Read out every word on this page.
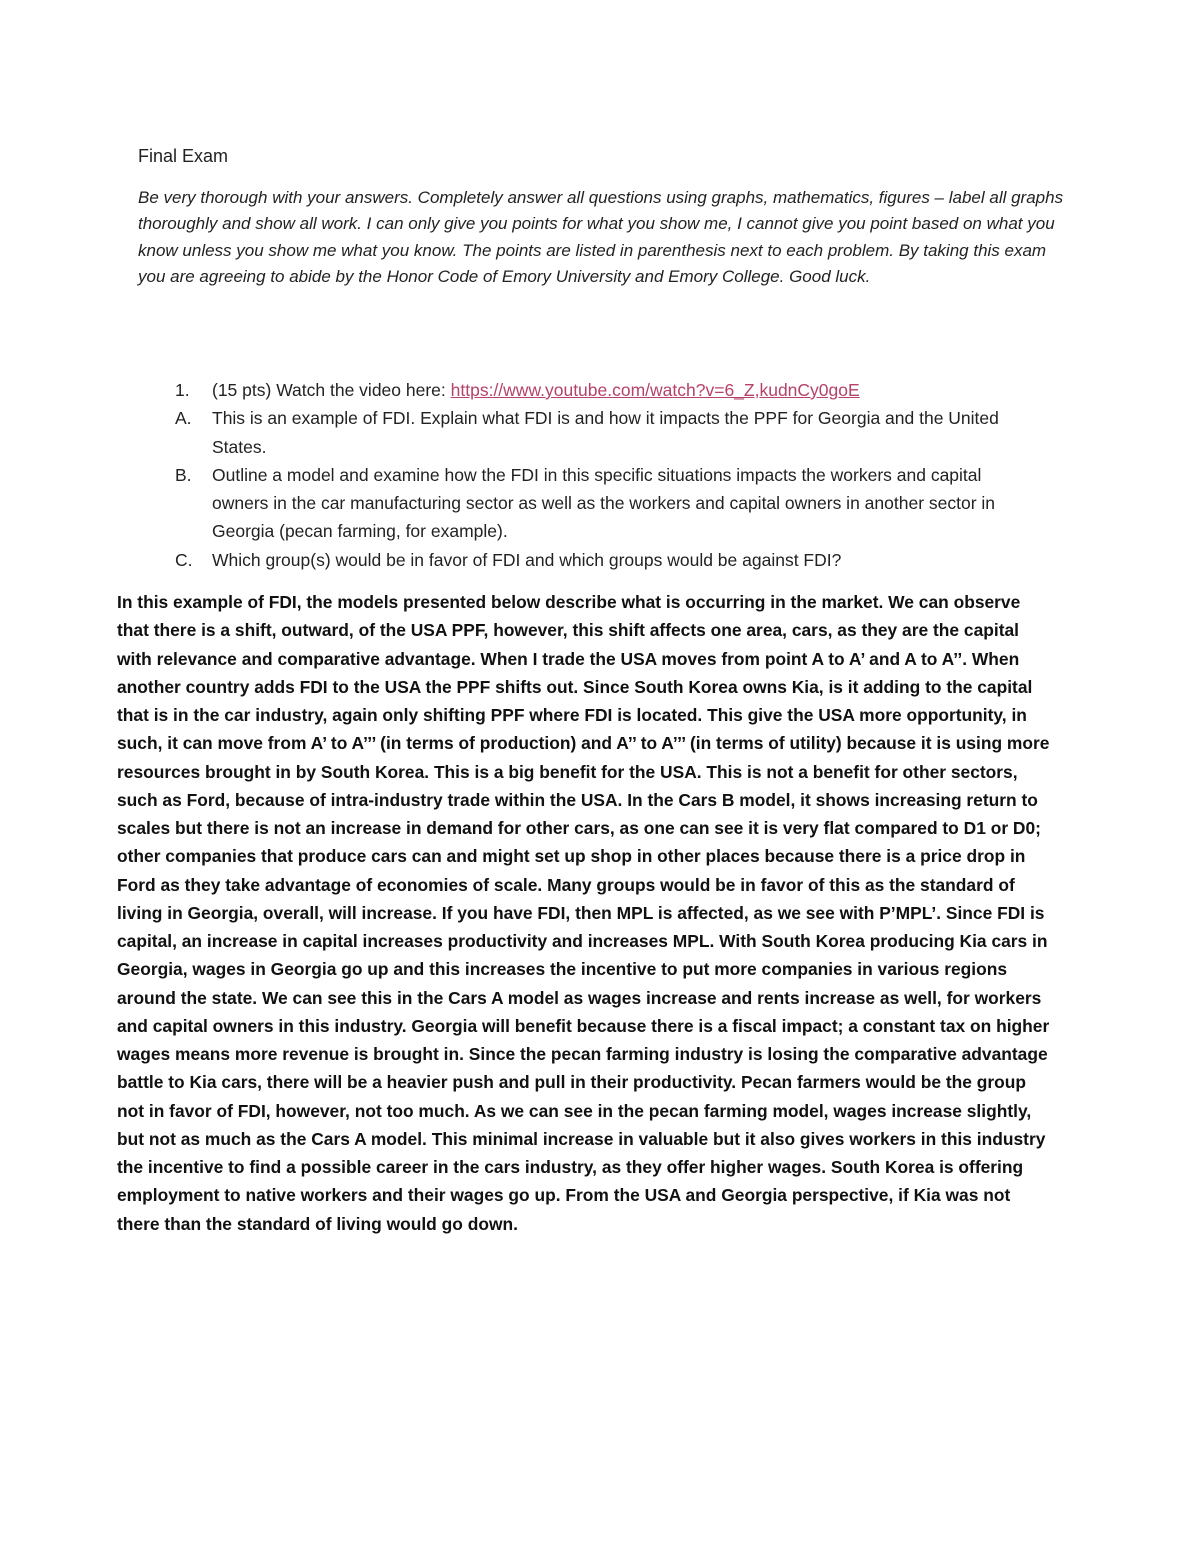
Final Exam

Be very thorough with your answers. Completely answer all questions using graphs, mathematics, figures – label all graphs thoroughly and show all work. I can only give you points for what you show me, I cannot give you point based on what you know unless you show me what you know. The points are listed in parenthesis next to each problem. By taking this exam you are agreeing to abide by the Honor Code of Emory University and Emory College. Good luck.

1. (15 pts) Watch the video here: https://www.youtube.com/watch?v=6_Z,kudnCy0goE
A. This is an example of FDI. Explain what FDI is and how it impacts the PPF for Georgia and the United States.
B. Outline a model and examine how the FDI in this specific situations impacts the workers and capital owners in the car manufacturing sector as well as the workers and capital owners in another sector in Georgia (pecan farming, for example).
C. Which group(s) would be in favor of FDI and which groups would be against FDI?

In this example of FDI, the models presented below describe what is occurring in the market. We can observe that there is a shift, outward, of the USA PPF, however, this shift affects one area, cars, as they are the capital with relevance and comparative advantage. When I trade the USA moves from point A to A’ and A to A’’. When another country adds FDI to the USA the PPF shifts out. Since South Korea owns Kia, is it adding to the capital that is in the car industry, again only shifting PPF where FDI is located. This give the USA more opportunity, in such, it can move from A’ to A’’’ (in terms of production) and A’’ to A’’’ (in terms of utility) because it is using more resources brought in by South Korea. This is a big benefit for the USA. This is not a benefit for other sectors, such as Ford, because of intra-industry trade within the USA. In the Cars B model, it shows increasing return to scales but there is not an increase in demand for other cars, as one can see it is very flat compared to D1 or D0; other companies that produce cars can and might set up shop in other places because there is a price drop in Ford as they take advantage of economies of scale. Many groups would be in favor of this as the standard of living in Georgia, overall, will increase. If you have FDI, then MPL is affected, as we see with P’MPL’. Since FDI is capital, an increase in capital increases productivity and increases MPL. With South Korea producing Kia cars in Georgia, wages in Georgia go up and this increases the incentive to put more companies in various regions around the state. We can see this in the Cars A model as wages increase and rents increase as well, for workers and capital owners in this industry. Georgia will benefit because there is a fiscal impact; a constant tax on higher wages means more revenue is brought in. Since the pecan farming industry is losing the comparative advantage battle to Kia cars, there will be a heavier push and pull in their productivity. Pecan farmers would be the group not in favor of FDI, however, not too much. As we can see in the pecan farming model, wages increase slightly, but not as much as the Cars A model. This minimal increase in valuable but it also gives workers in this industry the incentive to find a possible career in the cars industry, as they offer higher wages. South Korea is offering employment to native workers and their wages go up. From the USA and Georgia perspective, if Kia was not there than the standard of living would go down.
